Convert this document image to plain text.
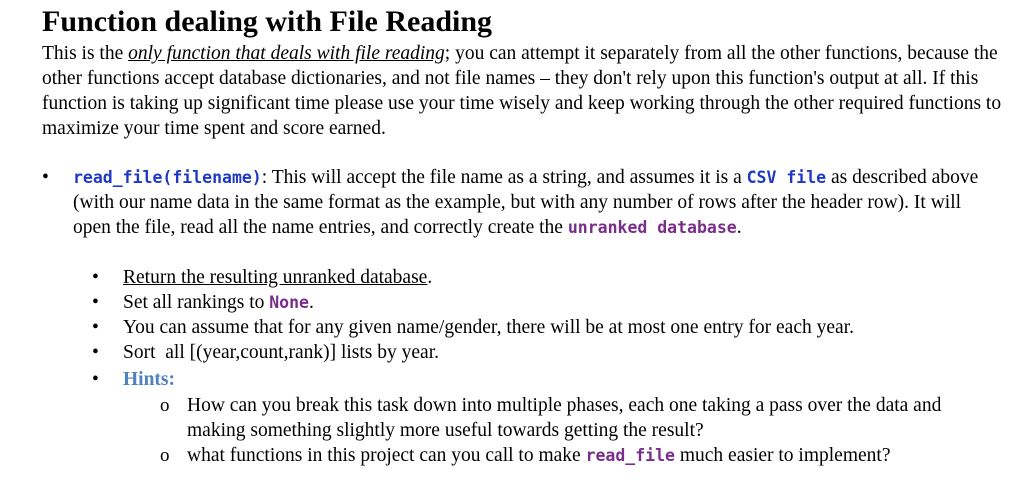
Function dealing with File Reading

This is the only function that deals with file reading; you can attempt it separately from all the other functions, because the other functions accept database dictionaries, and not file names – they don't rely upon this function's output at all. If this function is taking up significant time please use your time wisely and keep working through the other required functions to maximize your time spent and score earned.

• read_file(filename): This will accept the file name as a string, and assumes it is a CSV file as described above (with our name data in the same format as the example, but with any number of rows after the header row). It will open the file, read all the name entries, and correctly create the unranked database.

• Return the resulting unranked database.

• Set all rankings to None.

• You can assume that for any given name/gender, there will be at most one entry for each year.

• Sort  all [(year,count,rank)] lists by year.

• Hints:

o How can you break this task down into multiple phases, each one taking a pass over the data and making something slightly more useful towards getting the result?

o what functions in this project can you call to make read_file much easier to implement?
